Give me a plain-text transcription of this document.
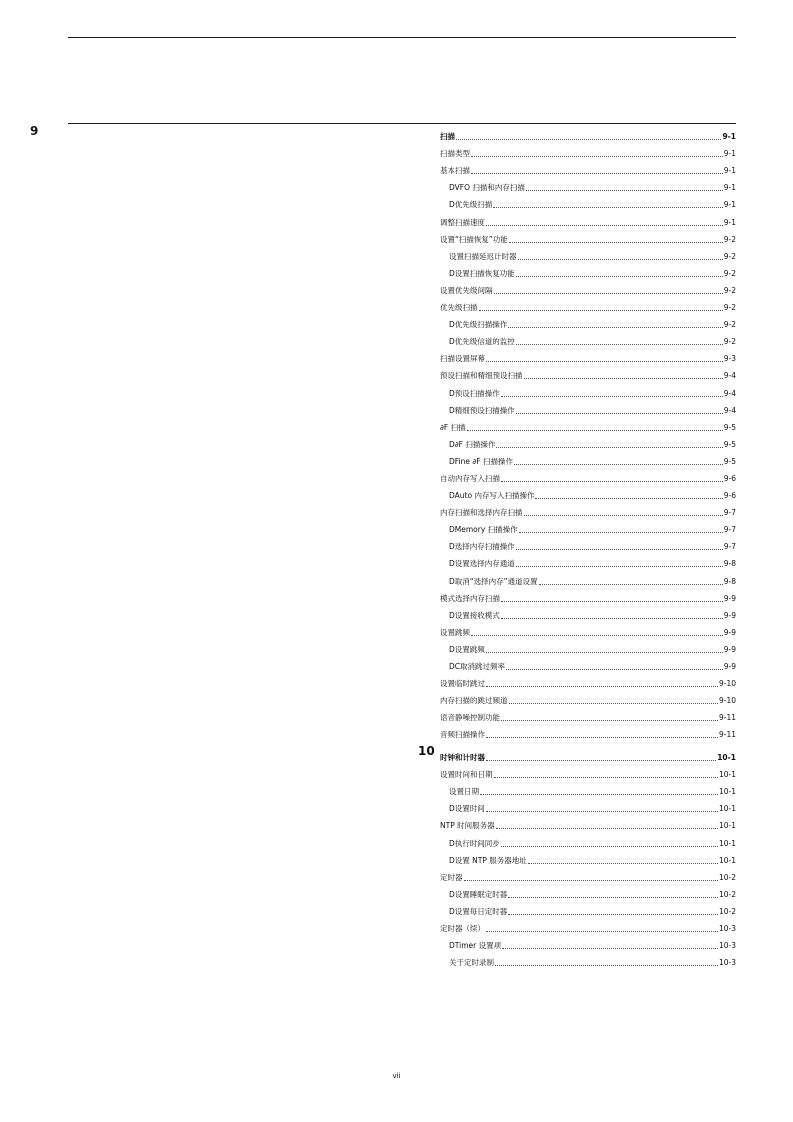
9	扫描	9-1
扫描类型	9-1
基本扫描	9-1
DVFO 扫描和内存扫描	9-1
D优先级扫描	9-1
调整扫描速度	9-1
设置“扫描恢复”功能	9-2
设置扫描延迟计时器	9-2
D设置扫描恢复功能	9-2
设置优先级间隔	9-2
优先级扫描	9-2
D优先级扫描操作	9-2
D优先级信道的监控	9-2
扫描设置屏幕	9-3
预设扫描和精细预设扫描	9-4
D预设扫描操作	9-4
D精细预设扫描操作	9-4
∂F 扫描	9-5
D∂F 扫描操作	9-5
DFine ∂F 扫描操作	9-5
自动内存写入扫描	9-6
DAuto 内存写入扫描操作	9-6
内存扫描和选择内存扫描	9-7
DMemory 扫描操作	9-7
D选择内存扫描操作	9-7
D设置选择内存通道	9-8
D取消“选择内存”通道设置	9-8
模式选择内存扫描	9-9
D设置接收模式	9-9
设置跳频	9-9
D设置跳频	9-9
DC取消跳过频率	9-9
设置临时跳过	9-10
内存扫描的跳过频道	9-10
语音静噪控制功能	9-11
音频扫描操作	9-11
10 时钟和计时器	10-1
设置时间和日期	10-1
设置日期	10-1
D设置时间	10-1
NTP 时间服务器	10-1
D执行时间同步	10-1
D设置 NTP 服务器地址	10-1
定时器	10-2
D设置睡眠定时器	10-2
D设置每日定时器	10-2
定时器（续）	10-3
DTimer 设置项	10-3
关于定时录制	10-3
vii
